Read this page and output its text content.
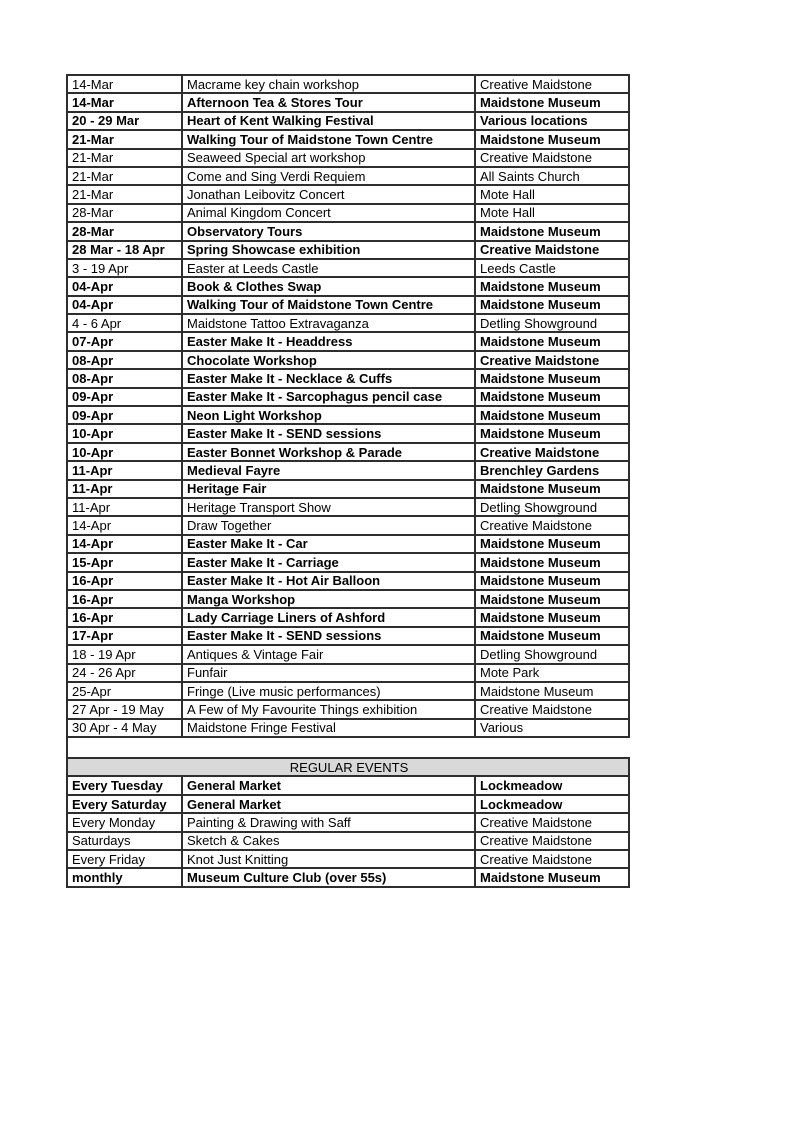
14-Mar	Macrame key chain workshop	Creative Maidstone
14-Mar	Afternoon Tea & Stores Tour	Maidstone Museum
20 - 29 Mar	Heart of Kent Walking Festival	Various locations
21-Mar	Walking Tour of Maidstone Town Centre	Maidstone Museum
21-Mar	Seaweed Special art workshop	Creative Maidstone
21-Mar	Come and Sing Verdi Requiem	All Saints Church
21-Mar	Jonathan Leibovitz Concert	Mote Hall
28-Mar	Animal Kingdom Concert	Mote Hall
28-Mar	Observatory Tours	Maidstone Museum
28 Mar - 18 Apr	Spring Showcase exhibition	Creative Maidstone
3 - 19 Apr	Easter at Leeds Castle	Leeds Castle
04-Apr	Book & Clothes Swap	Maidstone Museum
04-Apr	Walking Tour of Maidstone Town Centre	Maidstone Museum
4 - 6 Apr	Maidstone Tattoo Extravaganza	Detling Showground
07-Apr	Easter Make It - Headdress	Maidstone Museum
08-Apr	Chocolate Workshop	Creative Maidstone
08-Apr	Easter Make It - Necklace & Cuffs	Maidstone Museum
09-Apr	Easter Make It - Sarcophagus pencil case	Maidstone Museum
09-Apr	Neon Light Workshop	Maidstone Museum
10-Apr	Easter Make It - SEND sessions	Maidstone Museum
10-Apr	Easter Bonnet Workshop & Parade	Creative Maidstone
11-Apr	Medieval Fayre	Brenchley Gardens
11-Apr	Heritage Fair	Maidstone Museum
11-Apr	Heritage Transport Show	Detling Showground
14-Apr	Draw Together	Creative Maidstone
14-Apr	Easter Make It - Car	Maidstone Museum
15-Apr	Easter Make It - Carriage	Maidstone Museum
16-Apr	Easter Make It - Hot Air Balloon	Maidstone Museum
16-Apr	Manga Workshop	Maidstone Museum
16-Apr	Lady Carriage Liners of Ashford	Maidstone Museum
17-Apr	Easter Make It - SEND sessions	Maidstone Museum
18 - 19 Apr	Antiques & Vintage Fair	Detling Showground
24 - 26 Apr	Funfair	Mote Park
25-Apr	Fringe (Live music performances)	Maidstone Museum
27 Apr - 19 May	A Few of My Favourite Things exhibition	Creative Maidstone
30 Apr - 4 May	Maidstone Fringe Festival	Various
REGULAR EVENTS		
Every Tuesday	General Market	Lockmeadow
Every Saturday	General Market	Lockmeadow
Every Monday	Painting & Drawing with Saff	Creative Maidstone
Saturdays	Sketch & Cakes	Creative Maidstone
Every Friday	Knot Just Knitting	Creative Maidstone
monthly	Museum Culture Club (over 55s)	Maidstone Museum
